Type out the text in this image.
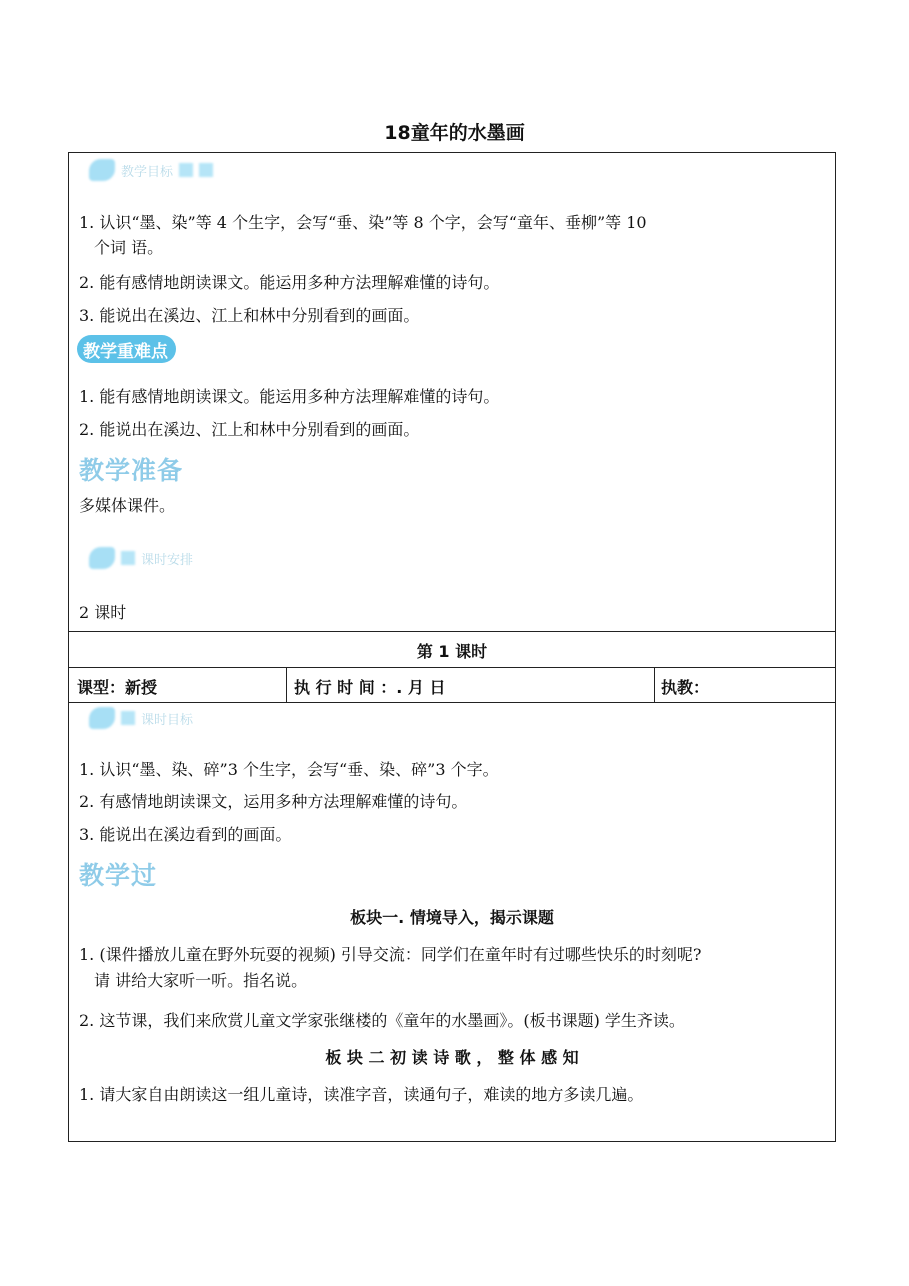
18童年的水墨画
教学目标
1. 认识“墨、染”等 4 个生字，会写“垂、染”等 8 个字，会写“童年、垂柳”等 10
个词 语。
2. 能有感情地朗读课文。能运用多种方法理解难懂的诗句。
3. 能说出在溪边、江上和林中分别看到的画面。
教学重难点
1. 能有感情地朗读课文。能运用多种方法理解难懂的诗句。
2. 能说出在溪边、江上和林中分别看到的画面。
教学准备
多媒体课件。
课时安排
2 课时
第 1 课时
课型：新授	执 行 时 间 ：. 月 日	执教：
课时目标
1. 认识“墨、染、碎”3 个生字，会写“垂、染、碎”3 个字。
2. 有感情地朗读课文，运用多种方法理解难懂的诗句。
3. 能说出在溪边看到的画面。
教学过
板块一. 情境导入，揭示课题
1. (课件播放儿童在野外玩耍的视频) 引导交流：同学们在童年时有过哪些快乐的时刻呢?
请 讲给大家听一听。指名说。
2. 这节课，我们来欣赏儿童文学家张继楼的《童年的水墨画》。(板书课题) 学生齐读。
板 块 二 初 读 诗 歌 ， 整 体 感 知
1. 请大家自由朗读这一组儿童诗，读准字音，读通句子，难读的地方多读几遍。
